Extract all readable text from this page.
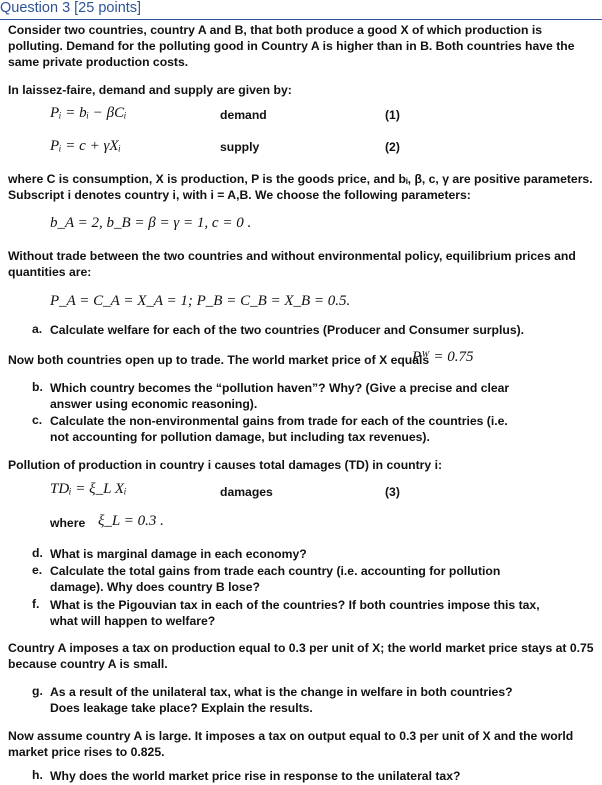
Question 3 [25 points]
Consider two countries, country A and B, that both produce a good X of which production is polluting. Demand for the polluting good in Country A is higher than in B. Both countries have the same private production costs.
In laissez-faire, demand and supply are given by:
Pᵢ = bᵢ − βCᵢ	demand	(1)
Pᵢ = c + γXᵢ	supply	(2)
where C is consumption, X is production, P is the goods price, and bᵢ, β, c, γ are positive parameters. Subscript i denotes country i, with i = A,B. We choose the following parameters:
b_A = 2, b_B = β = γ = 1, c = 0 .
Without trade between the two countries and without environmental policy, equilibrium prices and quantities are:
P_A = C_A = X_A = 1; P_B = C_B = X_B = 0.5.
a. Calculate welfare for each of the two countries (Producer and Consumer surplus).
Now both countries open up to trade. The world market price of X equals
Pᵂ = 0.75
b. Which country becomes the “pollution haven”? Why? (Give a precise and clear answer using economic reasoning).
c. Calculate the non-environmental gains from trade for each of the countries (i.e. not accounting for pollution damage, but including tax revenues).
Pollution of production in country i causes total damages (TD) in country i:
TDᵢ = ξ_L Xᵢ	damages	(3)
where ξ_L = 0.3 .
d. What is marginal damage in each economy?
e. Calculate the total gains from trade each country (i.e. accounting for pollution damage). Why does country B lose?
f. What is the Pigouvian tax in each of the countries? If both countries impose this tax, what will happen to welfare?
Country A imposes a tax on production equal to 0.3 per unit of X; the world market price stays at 0.75 because country A is small.
g. As a result of the unilateral tax, what is the change in welfare in both countries? Does leakage take place? Explain the results.
Now assume country A is large. It imposes a tax on output equal to 0.3 per unit of X and the world market price rises to 0.825.
h. Why does the world market price rise in response to the unilateral tax?
